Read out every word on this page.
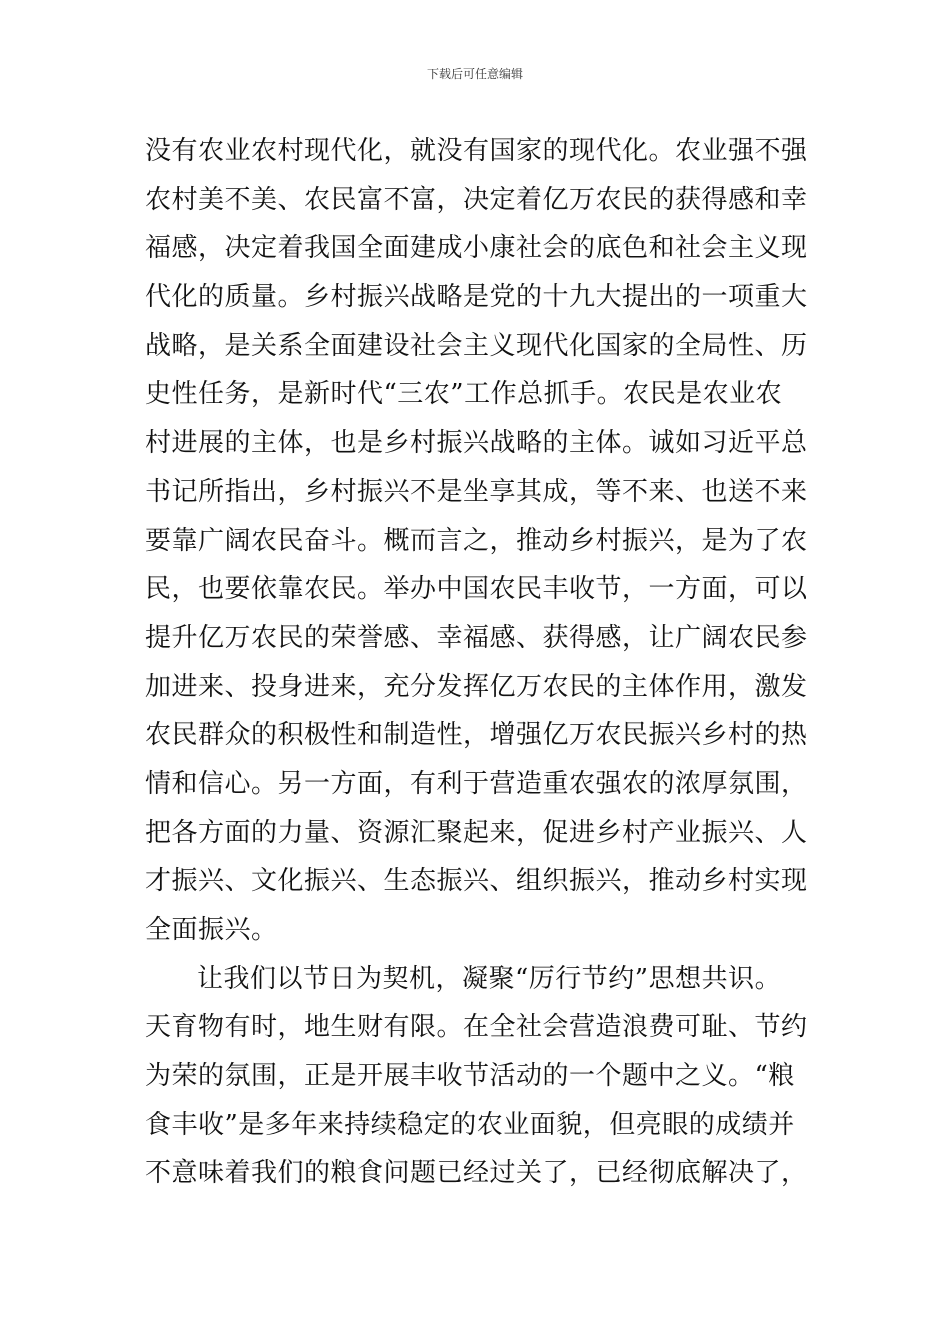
下载后可任意编辑
没有农业农村现代化，就没有国家的现代化。农业强不强
农村美不美、农民富不富，决定着亿万农民的获得感和幸
福感，决定着我国全面建成小康社会的底色和社会主义现
代化的质量。乡村振兴战略是党的十九大提出的一项重大
战略，是关系全面建设社会主义现代化国家的全局性、历
史性任务，是新时代“三农”工作总抓手。农民是农业农
村进展的主体，也是乡村振兴战略的主体。诚如习近平总
书记所指出，乡村振兴不是坐享其成，等不来、也送不来
要靠广阔农民奋斗。概而言之，推动乡村振兴，是为了农
民，也要依靠农民。举办中国农民丰收节，一方面，可以
提升亿万农民的荣誉感、幸福感、获得感，让广阔农民参
加进来、投身进来，充分发挥亿万农民的主体作用，激发
农民群众的积极性和制造性，增强亿万农民振兴乡村的热
情和信心。另一方面，有利于营造重农强农的浓厚氛围，
把各方面的力量、资源汇聚起来，促进乡村产业振兴、人
才振兴、文化振兴、生态振兴、组织振兴，推动乡村实现
全面振兴。
让我们以节日为契机，凝聚“厉行节约”思想共识。
天育物有时，地生财有限。在全社会营造浪费可耻、节约
为荣的氛围，正是开展丰收节活动的一个题中之义。“粮
食丰收”是多年来持续稳定的农业面貌，但亮眼的成绩并
不意味着我们的粮食问题已经过关了，已经彻底解决了，
